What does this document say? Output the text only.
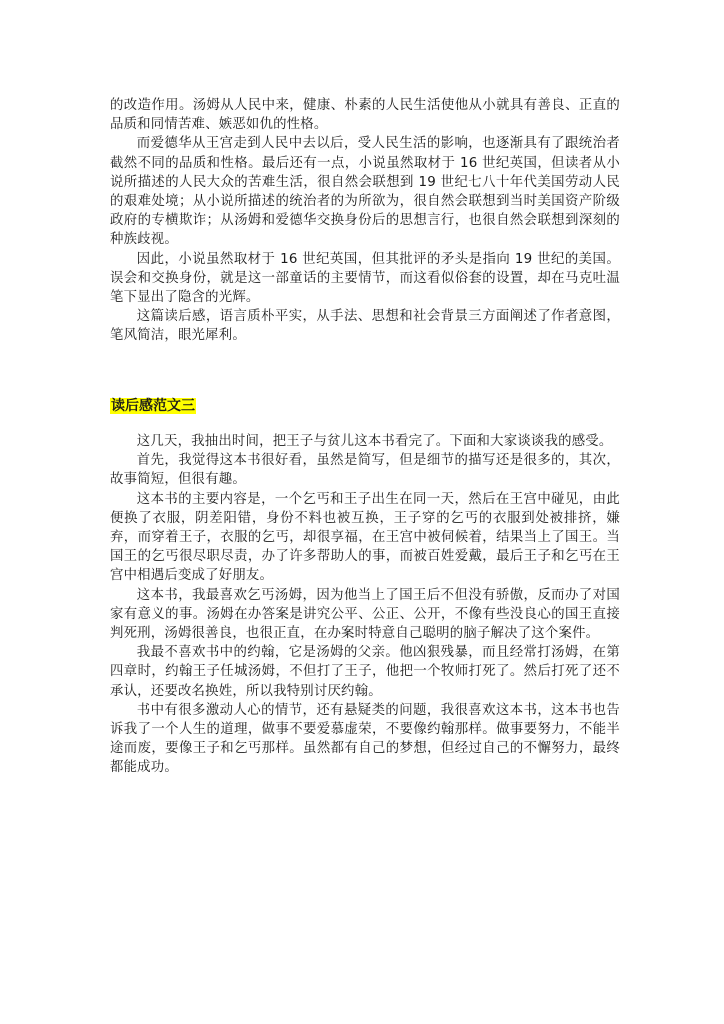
的改造作用。汤姆从人民中来，健康、朴素的人民生活使他从小就具有善良、正直的品质和同情苦难、嫉恶如仇的性格。

而爱德华从王宫走到人民中去以后，受人民生活的影响，也逐渐具有了跟统治者截然不同的品质和性格。最后还有一点，小说虽然取材于 16 世纪英国，但读者从小说所描述的人民大众的苦难生活，很自然会联想到 19 世纪七八十年代美国劳动人民的艰难处境；从小说所描述的统治者的为所欲为，很自然会联想到当时美国资产阶级政府的专横欺诈；从汤姆和爱德华交换身份后的思想言行，也很自然会联想到深刻的种族歧视。

因此，小说虽然取材于 16 世纪英国，但其批评的矛头是指向 19 世纪的美国。误会和交换身份，就是这一部童话的主要情节，而这看似俗套的设置，却在马克吐温笔下显出了隐含的光辉。

这篇读后感，语言质朴平实，从手法、思想和社会背景三方面阐述了作者意图，笔风简洁，眼光犀利。

读后感范文三

这几天，我抽出时间，把王子与贫儿这本书看完了。下面和大家谈谈我的感受。

首先，我觉得这本书很好看，虽然是简写，但是细节的描写还是很多的，其次，故事简短，但很有趣。

这本书的主要内容是，一个乞丐和王子出生在同一天，然后在王宫中碰见，由此便换了衣服，阴差阳错，身份不料也被互换，王子穿的乞丐的衣服到处被排挤，嫌弃，而穿着王子，衣服的乞丐，却很享福，在王宫中被伺候着，结果当上了国王。当国王的乞丐很尽职尽责，办了许多帮助人的事，而被百姓爱戴，最后王子和乞丐在王宫中相遇后变成了好朋友。

这本书，我最喜欢乞丐汤姆，因为他当上了国王后不但没有骄傲，反而办了对国家有意义的事。汤姆在办答案是讲究公平、公正、公开，不像有些没良心的国王直接判死刑，汤姆很善良，也很正直，在办案时特意自己聪明的脑子解决了这个案件。

我最不喜欢书中的约翰，它是汤姆的父亲。他凶狠残暴，而且经常打汤姆，在第四章时，约翰王子任城汤姆，不但打了王子，他把一个牧师打死了。然后打死了还不承认，还要改名换姓，所以我特别讨厌约翰。

书中有很多激动人心的情节，还有悬疑类的问题，我很喜欢这本书，这本书也告诉我了一个人生的道理，做事不要爱慕虚荣，不要像约翰那样。做事要努力，不能半途而废，要像王子和乞丐那样。虽然都有自己的梦想，但经过自己的不懈努力，最终都能成功。
